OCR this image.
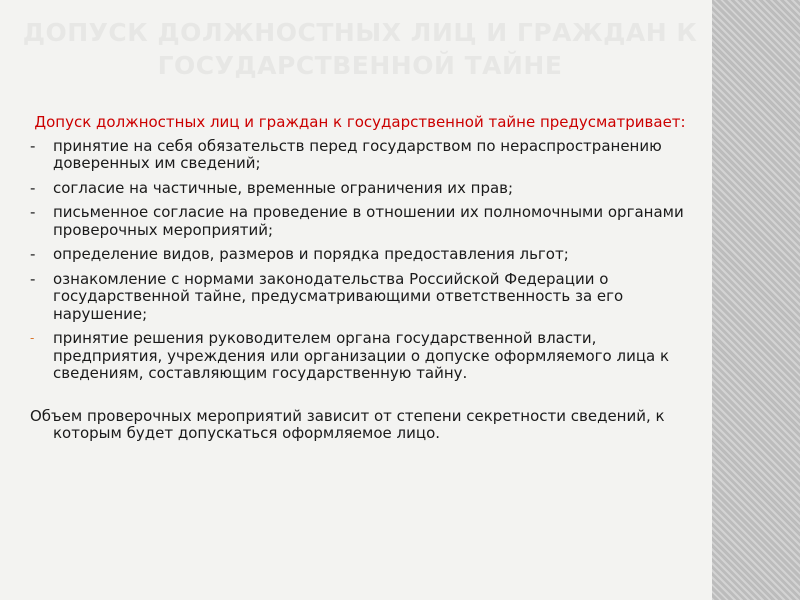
ДОПУСК ДОЛЖНОСТНЫХ ЛИЦ И ГРАЖДАН К ГОСУДАРСТВЕННОЙ ТАЙНЕ
Допуск должностных лиц и граждан к государственной тайне предусматривает:
- принятие на себя обязательств перед государством по нераспространению доверенных им сведений;
- согласие на частичные, временные ограничения их прав;
- письменное согласие на проведение в отношении их полномочными органами проверочных мероприятий;
- определение видов, размеров и порядка предоставления льгот;
- ознакомление с нормами законодательства Российской Федерации о государственной тайне, предусматривающими ответственность за его нарушение;
- принятие решения руководителем органа государственной власти, предприятия, учреждения или организации о допуске оформляемого лица к сведениям, составляющим государственную тайну.
Объем проверочных мероприятий зависит от степени секретности сведений, к которым будет допускаться оформляемое лицо.
